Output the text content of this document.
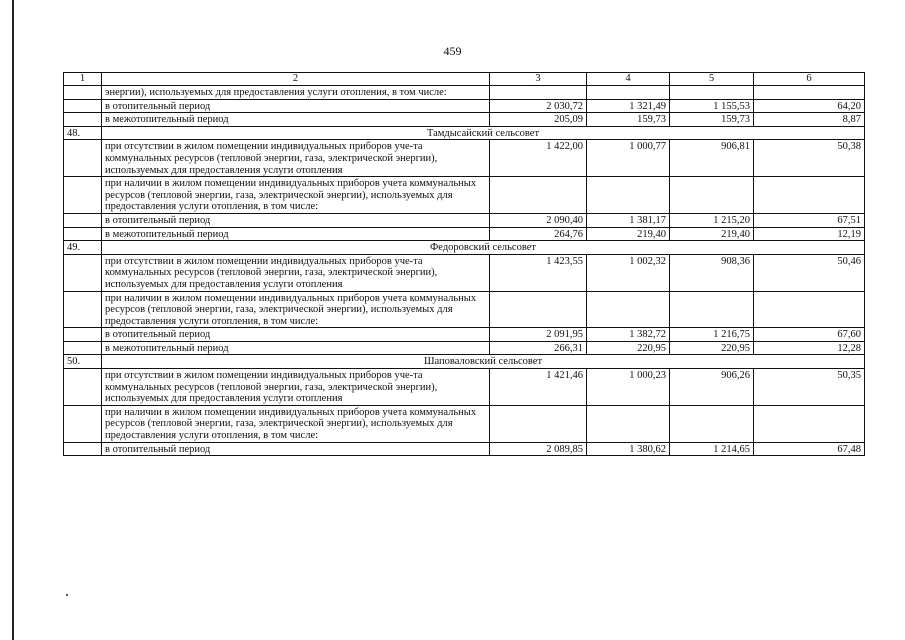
459
1	2	3	4	5	6
	энергии), используемых для предоставления услуги отопления, в том числе:				
	в отопительный период	2 030,72	1 321,49	1 155,53	64,20
	в межотопительный период	205,09	159,73	159,73	8,87
48.	Тамдысайский сельсовет				
	при отсутствии в жилом помещении индивидуальных приборов уче-та коммунальных ресурсов (тепловой энергии, газа, электрической энергии), используемых для предоставления услуги отопления	1 422,00	1 000,77	906,81	50,38
	при наличии в жилом помещении индивидуальных приборов учета коммунальных ресурсов (тепловой энергии, газа, электрической энергии), используемых для предоставления услуги отопления, в том числе:				
	в отопительный период	2 090,40	1 381,17	1 215,20	67,51
	в межотопительный период	264,76	219,40	219,40	12,19
49.	Федоровский сельсовет				
	при отсутствии в жилом помещении индивидуальных приборов уче-та коммунальных ресурсов (тепловой энергии, газа, электрической энергии), используемых для предоставления услуги отопления	1 423,55	1 002,32	908,36	50,46
	при наличии в жилом помещении индивидуальных приборов учета коммунальных ресурсов (тепловой энергии, газа, электрической энергии), используемых для предоставления услуги отопления, в том числе:				
	в отопительный период	2 091,95	1 382,72	1 216,75	67,60
	в межотопительный период	266,31	220,95	220,95	12,28
50.	Шаповаловский сельсовет				
	при отсутствии в жилом помещении индивидуальных приборов уче-та коммунальных ресурсов (тепловой энергии, газа, электрической энергии), используемых для предоставления услуги отопления	1 421,46	1 000,23	906,26	50,35
	при наличии в жилом помещении индивидуальных приборов учета коммунальных ресурсов (тепловой энергии, газа, электрической энергии), используемых для предоставления услуги отопления, в том числе:				
	в отопительный период	2 089,85	1 380,62	1 214,65	67,48
